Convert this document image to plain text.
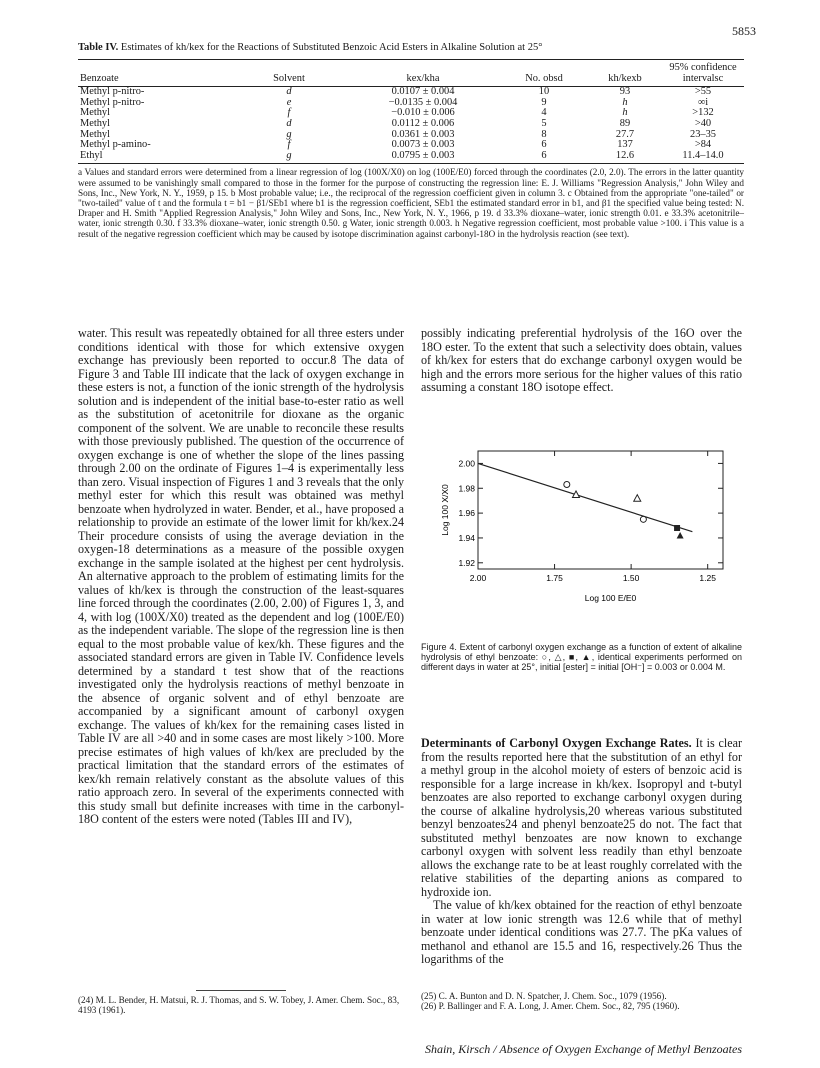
5853
Table IV. Estimates of kh/kex for the Reactions of Substituted Benzoic Acid Esters in Alkaline Solution at 25°
					95% confidence
Benzoate	Solvent	kex/kha	No. obsd	kh/kexb	intervalsc
Methyl p-nitro-	d	0.0107 ± 0.004	10	93	>55
Methyl p-nitro-	e	−0.0135 ± 0.004	9	h	∞i
Methyl	f	−0.010 ± 0.006	4	h	>132
Methyl	d	0.0112 ± 0.006	5	89	>40
Methyl	g	0.0361 ± 0.003	8	27.7	23–35
Methyl p-amino-	f	0.0073 ± 0.003	6	137	>84
Ethyl	g	0.0795 ± 0.003	6	12.6	11.4–14.0
a Values and standard errors were determined from a linear regression of log (100X/X0) on log (100E/E0) forced through the coordinates (2.0, 2.0). The errors in the latter quantity were assumed to be vanishingly small compared to those in the former for the purpose of constructing the regression line: E. J. Williams "Regression Analysis," John Wiley and Sons, Inc., New York, N. Y., 1959, p 15. b Most probable value; i.e., the reciprocal of the regression coefficient given in column 3. c Obtained from the appropriate "one-tailed" or "two-tailed" value of t and the formula t = b1 − β1/SEb1 where b1 is the regression coefficient, SEb1 the estimated standard error in b1, and β1 the specified value being tested: N. Draper and H. Smith "Applied Regression Analysis," John Wiley and Sons, Inc., New York, N. Y., 1966, p 19. d 33.3% dioxane–water, ionic strength 0.01. e 33.3% acetonitrile–water, ionic strength 0.30. f 33.3% dioxane–water, ionic strength 0.50. g Water, ionic strength 0.003. h Negative regression coefficient, most probable value >100. i This value is a result of the negative regression coefficient which may be caused by isotope discrimination against carbonyl-18O in the hydrolysis reaction (see text).

water. This result was repeatedly obtained for all three esters under conditions identical with those for which extensive oxygen exchange has previously been reported to occur.8 The data of Figure 3 and Table III indicate that the lack of oxygen exchange in these esters is not, a function of the ionic strength of the hydrolysis solution and is independent of the initial base-to-ester ratio as well as the substitution of acetonitrile for dioxane as the organic component of the solvent. We are unable to reconcile these results with those previously published. The question of the occurrence of oxygen exchange is one of whether the slope of the lines passing through 2.00 on the ordinate of Figures 1–4 is experimentally less than zero. Visual inspection of Figures 1 and 3 reveals that the only methyl ester for which this result was obtained was methyl benzoate when hydrolyzed in water. Bender, et al., have proposed a relationship to provide an estimate of the lower limit for kh/kex.24 Their procedure consists of using the average deviation in the oxygen-18 determinations as a measure of the possible oxygen exchange in the sample isolated at the highest per cent hydrolysis. An alternative approach to the problem of estimating limits for the values of kh/kex is through the construction of the least-squares line forced through the coordinates (2.00, 2.00) of Figures 1, 3, and 4, with log (100X/X0) treated as the dependent and log (100E/E0) as the independent variable. The slope of the regression line is then equal to the most probable value of kex/kh. These figures and the associated standard errors are given in Table IV. Confidence levels determined by a standard t test show that of the reactions investigated only the hydrolysis reactions of methyl benzoate in the absence of organic solvent and of ethyl benzoate are accompanied by a significant amount of carbonyl oxygen exchange. The values of kh/kex for the remaining cases listed in Table IV are all >40 and in some cases are most likely >100. More precise estimates of high values of kh/kex are precluded by the practical limitation that the standard errors of the estimates of kex/kh remain relatively constant as the absolute values of this ratio approach zero. In several of the experiments connected with this study small but definite increases with time in the carbonyl-18O content of the esters were noted (Tables III and IV),

(24) M. L. Bender, H. Matsui, R. J. Thomas, and S. W. Tobey, J. Amer. Chem. Soc., 83, 4193 (1961).

possibly indicating preferential hydrolysis of the 16O over the 18O ester. To the extent that such a selectivity does obtain, values of kh/kex for esters that do exchange carbonyl oxygen would be high and the errors more serious for the higher values of this ratio assuming a constant 18O isotope effect.

2.00	1.75	1.50	1.25
2.00
1.98
1.96
1.94
1.92
Log 100 E/E0
Log 100 X/X0
Figure 4. Extent of carbonyl oxygen exchange as a function of extent of alkaline hydrolysis of ethyl benzoate: ○, △, ■, ▲, identical experiments performed on different days in water at 25°, initial [ester] = initial [OH⁻] = 0.003 or 0.004 M.

Determinants of Carbonyl Oxygen Exchange Rates. It is clear from the results reported here that the substitution of an ethyl for a methyl group in the alcohol moiety of esters of benzoic acid is responsible for a large increase in kh/kex. Isopropyl and t-butyl benzoates are also reported to exchange carbonyl oxygen during the course of alkaline hydrolysis,20 whereas various substituted benzyl benzoates24 and phenyl benzoate25 do not. The fact that substituted methyl benzoates are now known to exchange carbonyl oxygen with solvent less readily than ethyl benzoate allows the exchange rate to be at least roughly correlated with the relative stabilities of the departing anions as compared to hydroxide ion.

The value of kh/kex obtained for the reaction of ethyl benzoate in water at low ionic strength was 12.6 while that of methyl benzoate under identical conditions was 27.7. The pKa values of methanol and ethanol are 15.5 and 16, respectively.26 Thus the logarithms of the

(25) C. A. Bunton and D. N. Spatcher, J. Chem. Soc., 1079 (1956).
(26) P. Ballinger and F. A. Long, J. Amer. Chem. Soc., 82, 795 (1960).
Shain, Kirsch / Absence of Oxygen Exchange of Methyl Benzoates
